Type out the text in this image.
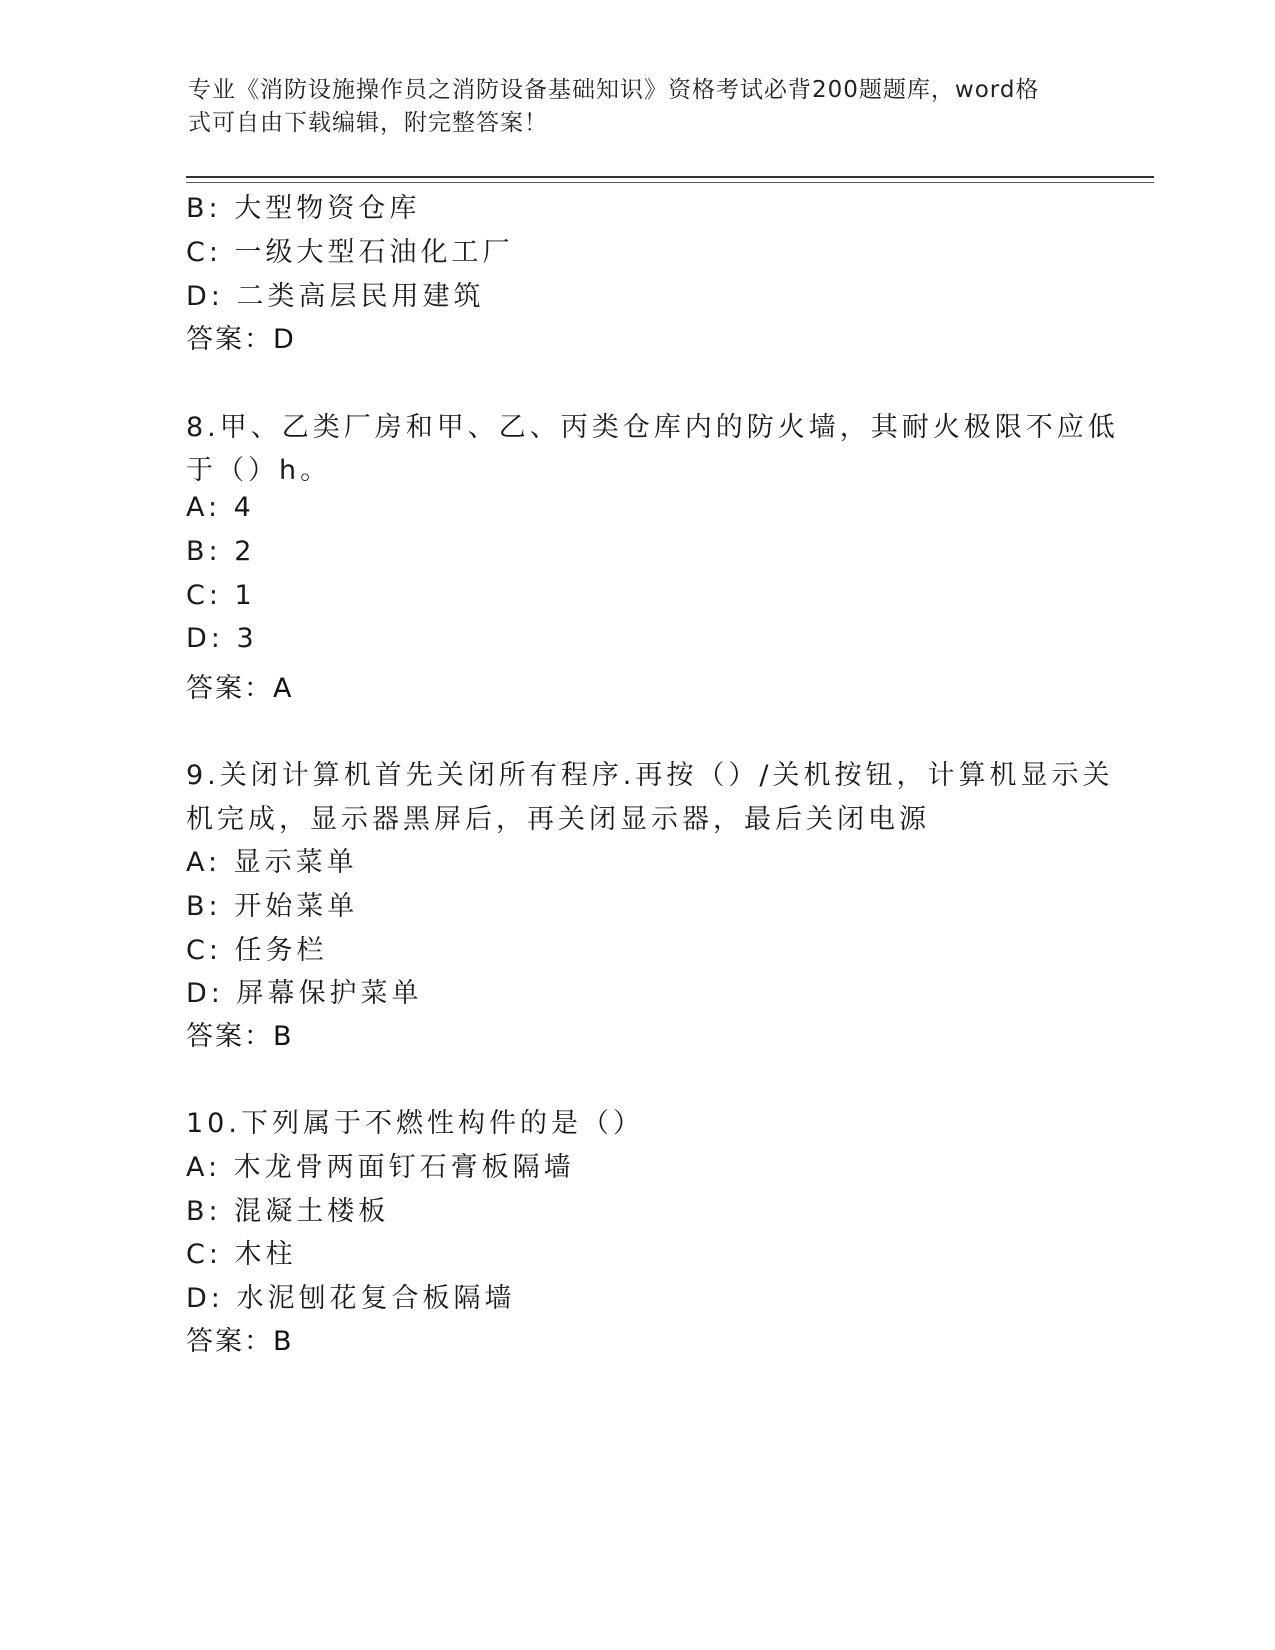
专业《消防设施操作员之消防设备基础知识》资格考试必背200题题库，word格
式可自由下载编辑，附完整答案！
B: 大型物资仓库
C: 一级大型石油化工厂
D: 二类高层民用建筑
答案：D
8.甲、乙类厂房和甲、乙、丙类仓库内的防火墙，其耐火极限不应低
于（）h。
A: 4
B: 2
C: 1
D: 3
答案：A
9.关闭计算机首先关闭所有程序.再按（）/关机按钮，计算机显示关
机完成，显示器黑屏后，再关闭显示器，最后关闭电源
A: 显示菜单
B: 开始菜单
C: 任务栏
D: 屏幕保护菜单
答案：B
10.下列属于不燃性构件的是（）
A: 木龙骨两面钉石膏板隔墙
B: 混凝土楼板
C: 木柱
D: 水泥刨花复合板隔墙
答案：B
